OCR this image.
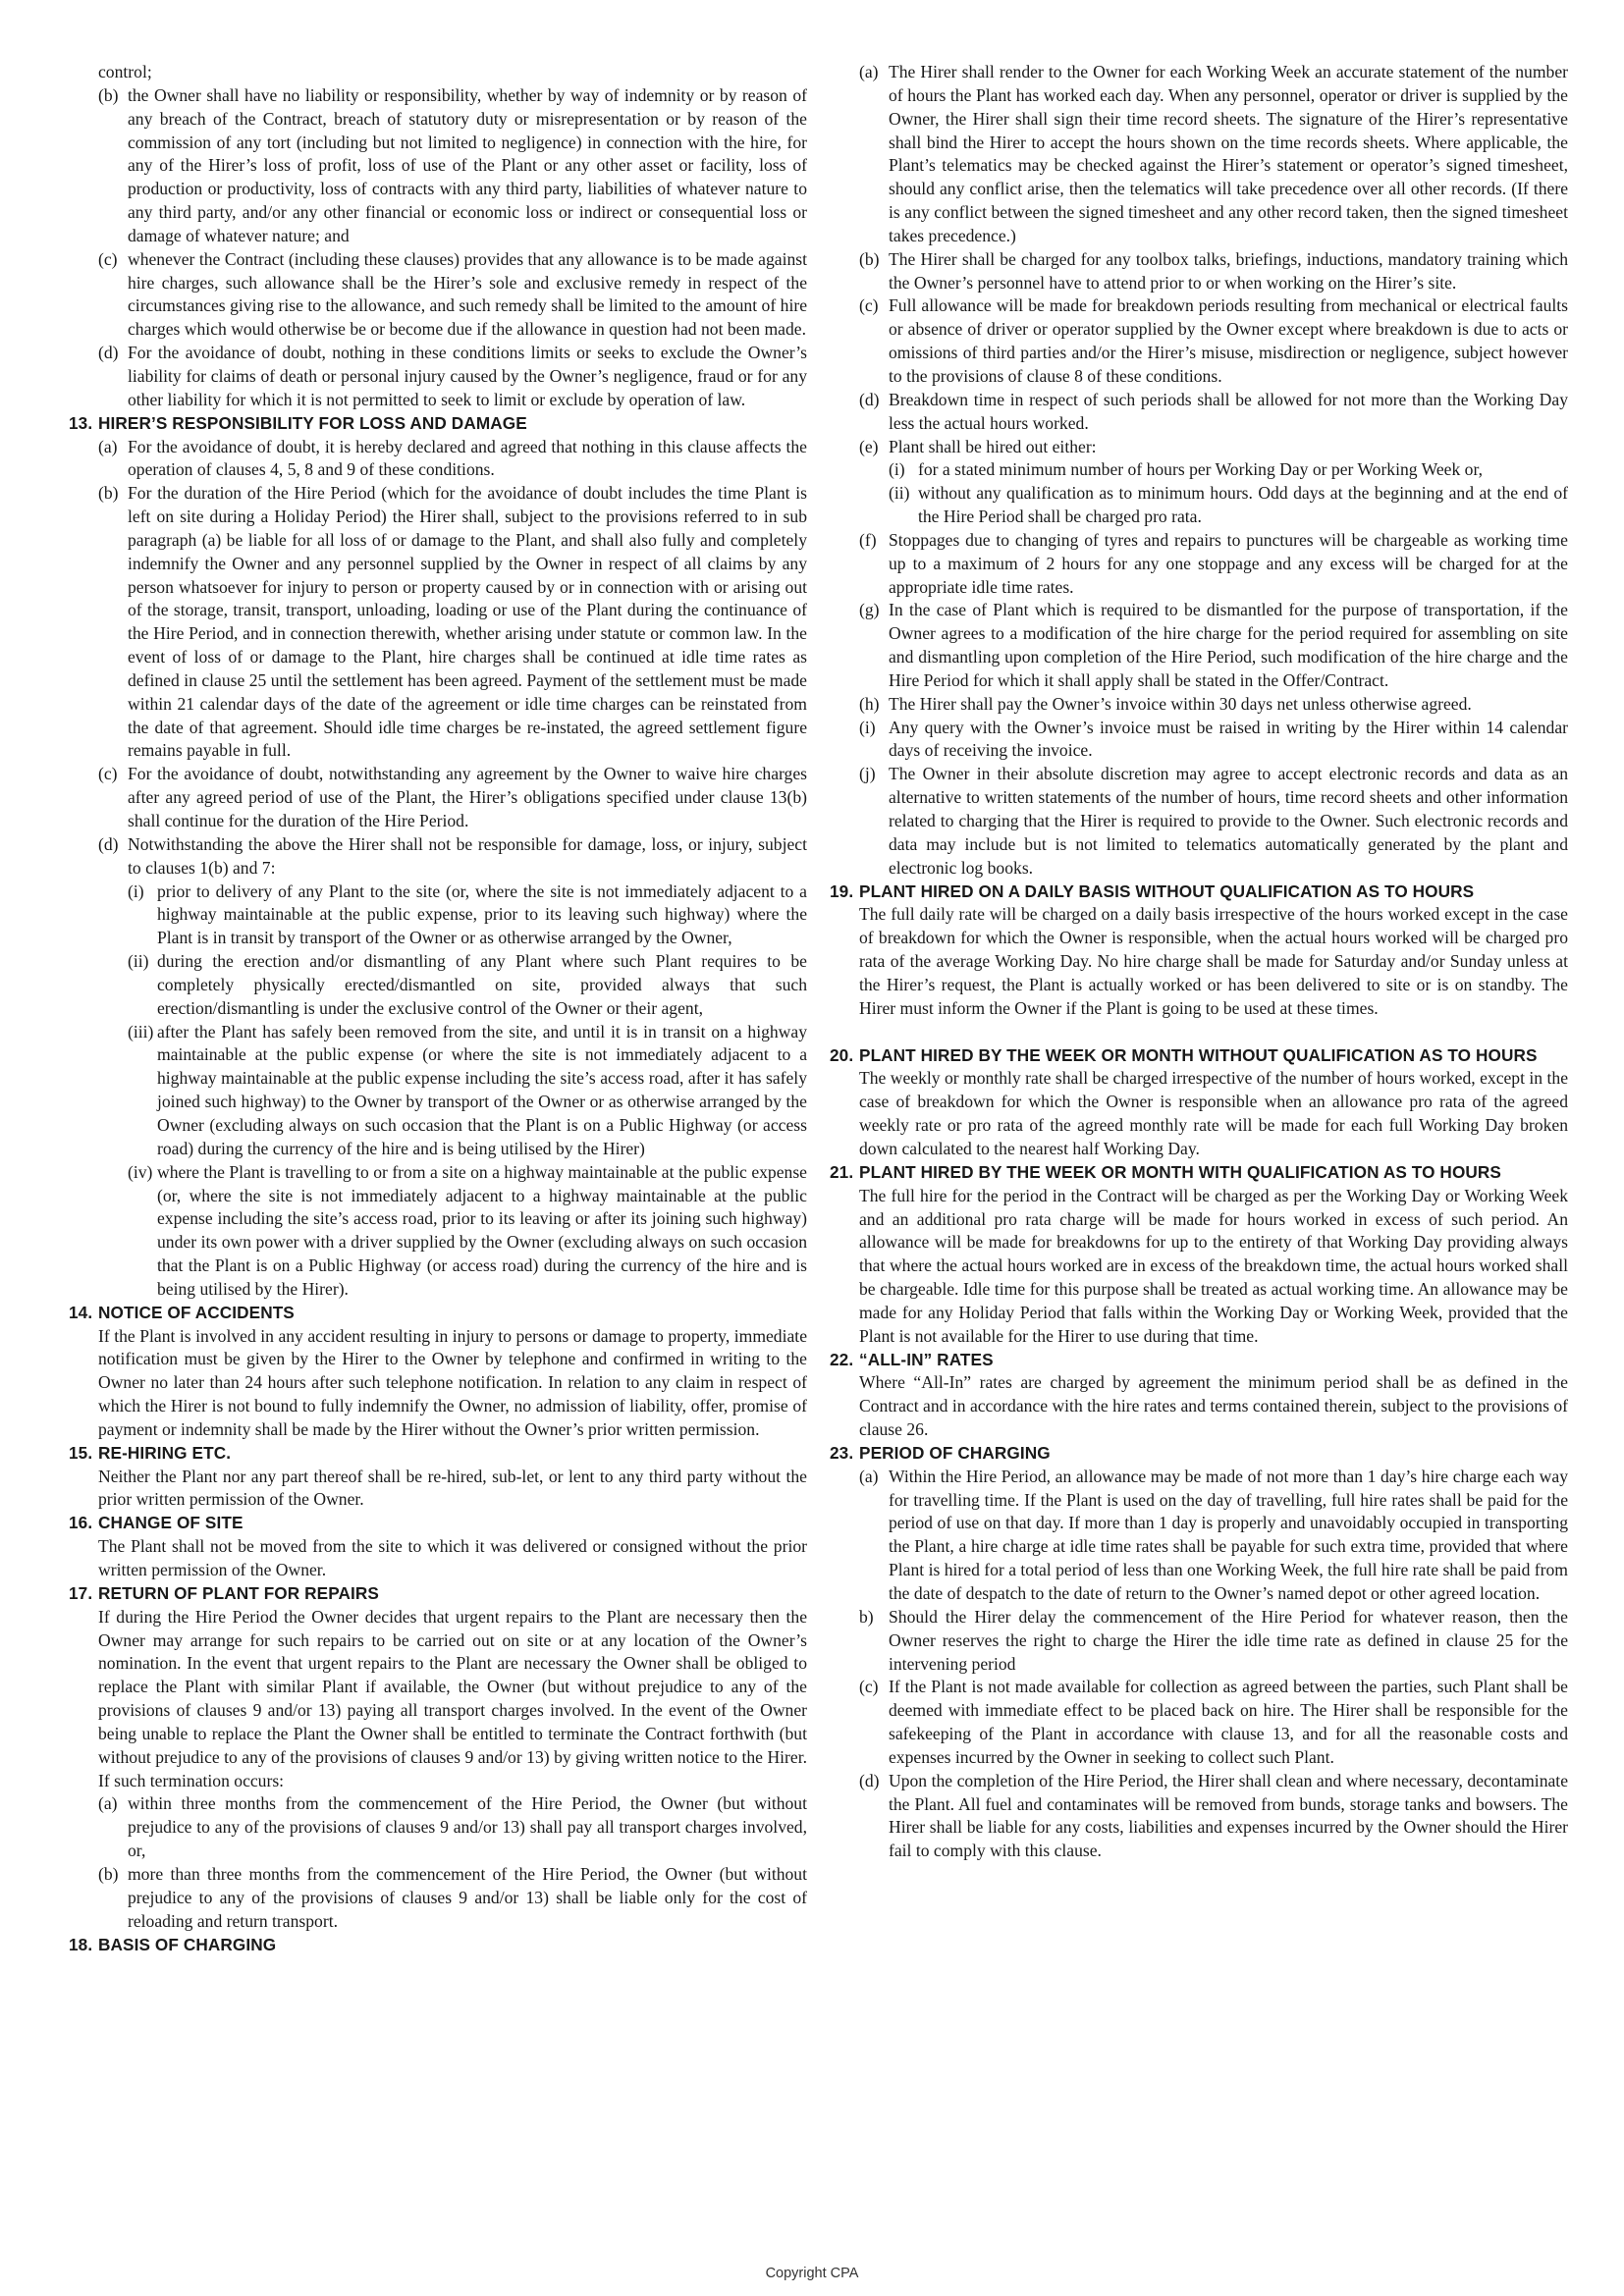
control;
(b) the Owner shall have no liability or responsibility, whether by way of indemnity or by reason of any breach of the Contract, breach of statutory duty or misrepresentation or by reason of the commission of any tort (including but not limited to negligence) in connection with the hire, for any of the Hirer’s loss of profit, loss of use of the Plant or any other asset or facility, loss of production or productivity, loss of contracts with any third party, liabilities of whatever nature to any third party, and/or any other financial or economic loss or indirect or consequential loss or damage of whatever nature; and
(c) whenever the Contract (including these clauses) provides that any allowance is to be made against hire charges, such allowance shall be the Hirer’s sole and exclusive remedy in respect of the circumstances giving rise to the allowance, and such remedy shall be limited to the amount of hire charges which would otherwise be or become due if the allowance in question had not been made.
(d) For the avoidance of doubt, nothing in these conditions limits or seeks to exclude the Owner’s liability for claims of death or personal injury caused by the Owner’s negligence, fraud or for any other liability for which it is not permitted to seek to limit or exclude by operation of law.
13. HIRER’S RESPONSIBILITY FOR LOSS AND DAMAGE
(a) For the avoidance of doubt, it is hereby declared and agreed that nothing in this clause affects the operation of clauses 4, 5, 8 and 9 of these conditions.
(b) For the duration of the Hire Period (which for the avoidance of doubt includes the time Plant is left on site during a Holiday Period) the Hirer shall, subject to the provisions referred to in sub paragraph (a) be liable for all loss of or damage to the Plant, and shall also fully and completely indemnify the Owner and any personnel supplied by the Owner in respect of all claims by any person whatsoever for injury to person or property caused by or in connection with or arising out of the storage, transit, transport, unloading, loading or use of the Plant during the continuance of the Hire Period, and in connection therewith, whether arising under statute or common law. In the event of loss of or damage to the Plant, hire charges shall be continued at idle time rates as defined in clause 25 until the settlement has been agreed. Payment of the settlement must be made within 21 calendar days of the date of the agreement or idle time charges can be reinstated from the date of that agreement. Should idle time charges be re-instated, the agreed settlement figure remains payable in full.
(c) For the avoidance of doubt, notwithstanding any agreement by the Owner to waive hire charges after any agreed period of use of the Plant, the Hirer’s obligations specified under clause 13(b) shall continue for the duration of the Hire Period.
(d) Notwithstanding the above the Hirer shall not be responsible for damage, loss, or injury, subject to clauses 1(b) and 7:
(i) prior to delivery of any Plant to the site (or, where the site is not immediately adjacent to a highway maintainable at the public expense, prior to its leaving such highway) where the Plant is in transit by transport of the Owner or as otherwise arranged by the Owner,
(ii) during the erection and/or dismantling of any Plant where such Plant requires to be completely physically erected/dismantled on site, provided always that such erection/dismantling is under the exclusive control of the Owner or their agent,
(iii) after the Plant has safely been removed from the site, and until it is in transit on a highway maintainable at the public expense (or where the site is not immediately adjacent to a highway maintainable at the public expense including the site’s access road, after it has safely joined such highway) to the Owner by transport of the Owner or as otherwise arranged by the Owner (excluding always on such occasion that the Plant is on a Public Highway (or access road) during the currency of the hire and is being utilised by the Hirer)
(iv) where the Plant is travelling to or from a site on a highway maintainable at the public expense (or, where the site is not immediately adjacent to a highway maintainable at the public expense including the site’s access road, prior to its leaving or after its joining such highway) under its own power with a driver supplied by the Owner (excluding always on such occasion that the Plant is on a Public Highway (or access road) during the currency of the hire and is being utilised by the Hirer).
14. NOTICE OF ACCIDENTS
If the Plant is involved in any accident resulting in injury to persons or damage to property, immediate notification must be given by the Hirer to the Owner by telephone and confirmed in writing to the Owner no later than 24 hours after such telephone notification. In relation to any claim in respect of which the Hirer is not bound to fully indemnify the Owner, no admission of liability, offer, promise of payment or indemnity shall be made by the Hirer without the Owner’s prior written permission.
15. RE-HIRING ETC.
Neither the Plant nor any part thereof shall be re-hired, sub-let, or lent to any third party without the prior written permission of the Owner.
16. CHANGE OF SITE
The Plant shall not be moved from the site to which it was delivered or consigned without the prior written permission of the Owner.
17. RETURN OF PLANT FOR REPAIRS
If during the Hire Period the Owner decides that urgent repairs to the Plant are necessary then the Owner may arrange for such repairs to be carried out on site or at any location of the Owner’s nomination. In the event that urgent repairs to the Plant are necessary the Owner shall be obliged to replace the Plant with similar Plant if available, the Owner (but without prejudice to any of the provisions of clauses 9 and/or 13) paying all transport charges involved. In the event of the Owner being unable to replace the Plant the Owner shall be entitled to terminate the Contract forthwith (but without prejudice to any of the provisions of clauses 9 and/or 13) by giving written notice to the Hirer. If such termination occurs:
(a) within three months from the commencement of the Hire Period, the Owner (but without prejudice to any of the provisions of clauses 9 and/or 13) shall pay all transport charges involved, or,
(b) more than three months from the commencement of the Hire Period, the Owner (but without prejudice to any of the provisions of clauses 9 and/or 13) shall be liable only for the cost of reloading and return transport.
18. BASIS OF CHARGING
(a) The Hirer shall render to the Owner for each Working Week an accurate statement of the number of hours the Plant has worked each day. When any personnel, operator or driver is supplied by the Owner, the Hirer shall sign their time record sheets. The signature of the Hirer’s representative shall bind the Hirer to accept the hours shown on the time records sheets. Where applicable, the Plant’s telematics may be checked against the Hirer’s statement or operator’s signed timesheet, should any conflict arise, then the telematics will take precedence over all other records. (If there is any conflict between the signed timesheet and any other record taken, then the signed timesheet takes precedence.)
(b) The Hirer shall be charged for any toolbox talks, briefings, inductions, mandatory training which the Owner’s personnel have to attend prior to or when working on the Hirer’s site.
(c) Full allowance will be made for breakdown periods resulting from mechanical or electrical faults or absence of driver or operator supplied by the Owner except where breakdown is due to acts or omissions of third parties and/or the Hirer’s misuse, misdirection or negligence, subject however to the provisions of clause 8 of these conditions.
(d) Breakdown time in respect of such periods shall be allowed for not more than the Working Day less the actual hours worked.
(e) Plant shall be hired out either:
(i) for a stated minimum number of hours per Working Day or per Working Week or,
(ii) without any qualification as to minimum hours. Odd days at the beginning and at the end of the Hire Period shall be charged pro rata.
(f) Stoppages due to changing of tyres and repairs to punctures will be chargeable as working time up to a maximum of 2 hours for any one stoppage and any excess will be charged for at the appropriate idle time rates.
(g) In the case of Plant which is required to be dismantled for the purpose of transportation, if the Owner agrees to a modification of the hire charge for the period required for assembling on site and dismantling upon completion of the Hire Period, such modification of the hire charge and the Hire Period for which it shall apply shall be stated in the Offer/Contract.
(h) The Hirer shall pay the Owner’s invoice within 30 days net unless otherwise agreed.
(i) Any query with the Owner’s invoice must be raised in writing by the Hirer within 14 calendar days of receiving the invoice.
(j) The Owner in their absolute discretion may agree to accept electronic records and data as an alternative to written statements of the number of hours, time record sheets and other information related to charging that the Hirer is required to provide to the Owner. Such electronic records and data may include but is not limited to telematics automatically generated by the plant and electronic log books.
19. PLANT HIRED ON A DAILY BASIS WITHOUT QUALIFICATION AS TO HOURS
The full daily rate will be charged on a daily basis irrespective of the hours worked except in the case of breakdown for which the Owner is responsible, when the actual hours worked will be charged pro rata of the average Working Day. No hire charge shall be made for Saturday and/or Sunday unless at the Hirer’s request, the Plant is actually worked or has been delivered to site or is on standby. The Hirer must inform the Owner if the Plant is going to be used at these times.
20. PLANT HIRED BY THE WEEK OR MONTH WITHOUT QUALIFICATION AS TO HOURS
The weekly or monthly rate shall be charged irrespective of the number of hours worked, except in the case of breakdown for which the Owner is responsible when an allowance pro rata of the agreed weekly rate or pro rata of the agreed monthly rate will be made for each full Working Day broken down calculated to the nearest half Working Day.
21. PLANT HIRED BY THE WEEK OR MONTH WITH QUALIFICATION AS TO HOURS
The full hire for the period in the Contract will be charged as per the Working Day or Working Week and an additional pro rata charge will be made for hours worked in excess of such period. An allowance will be made for breakdowns for up to the entirety of that Working Day providing always that where the actual hours worked are in excess of the breakdown time, the actual hours worked shall be chargeable. Idle time for this purpose shall be treated as actual working time. An allowance may be made for any Holiday Period that falls within the Working Day or Working Week, provided that the Plant is not available for the Hirer to use during that time.
22. “ALL-IN” RATES
Where “All-In” rates are charged by agreement the minimum period shall be as defined in the Contract and in accordance with the hire rates and terms contained therein, subject to the provisions of clause 26.
23. PERIOD OF CHARGING
(a) Within the Hire Period, an allowance may be made of not more than 1 day’s hire charge each way for travelling time. If the Plant is used on the day of travelling, full hire rates shall be paid for the period of use on that day. If more than 1 day is properly and unavoidably occupied in transporting the Plant, a hire charge at idle time rates shall be payable for such extra time, provided that where Plant is hired for a total period of less than one Working Week, the full hire rate shall be paid from the date of despatch to the date of return to the Owner’s named depot or other agreed location.
b) Should the Hirer delay the commencement of the Hire Period for whatever reason, then the Owner reserves the right to charge the Hirer the idle time rate as defined in clause 25 for the intervening period
(c) If the Plant is not made available for collection as agreed between the parties, such Plant shall be deemed with immediate effect to be placed back on hire. The Hirer shall be responsible for the safekeeping of the Plant in accordance with clause 13, and for all the reasonable costs and expenses incurred by the Owner in seeking to collect such Plant.
(d) Upon the completion of the Hire Period, the Hirer shall clean and where necessary, decontaminate the Plant. All fuel and contaminates will be removed from bunds, storage tanks and bowsers. The Hirer shall be liable for any costs, liabilities and expenses incurred by the Owner should the Hirer fail to comply with this clause.
Copyright CPA
